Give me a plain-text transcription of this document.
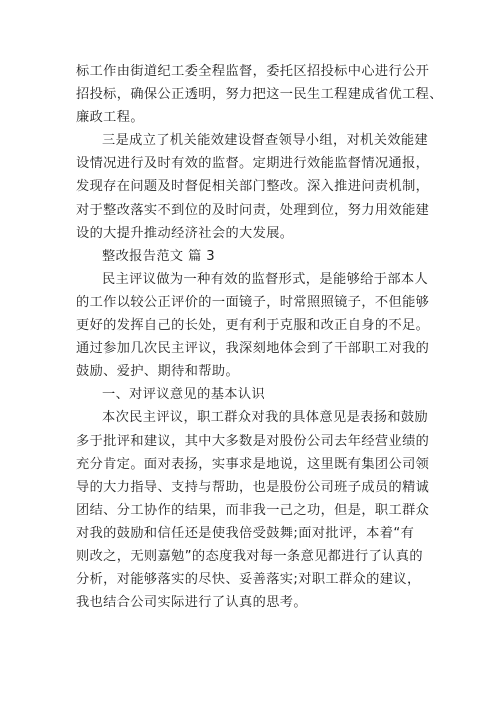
标工作由街道纪工委全程监督，委托区招投标中心进行公开
招投标，确保公正透明，努力把这一民生工程建成省优工程、
廉政工程。
三是成立了机关能效建设督查领导小组，对机关效能建
设情况进行及时有效的监督。定期进行效能监督情况通报，
发现存在问题及时督促相关部门整改。深入推进问责机制，
对于整改落实不到位的及时问责，处理到位，努力用效能建
设的大提升推动经济社会的大发展。
整改报告范文 篇 3
民主评议做为一种有效的监督形式，是能够给于部本人
的工作以较公正评价的一面镜子，时常照照镜子，不但能够
更好的发挥自己的长处，更有利于克服和改正自身的不足。
通过参加几次民主评议，我深刻地体会到了干部职工对我的
鼓励、爱护、期待和帮助。
一、对评议意见的基本认识
本次民主评议，职工群众对我的具体意见是表扬和鼓励
多于批评和建议，其中大多数是对股份公司去年经营业绩的
充分肯定。面对表扬，实事求是地说，这里既有集团公司领
导的大力指导、支持与帮助，也是股份公司班子成员的精诚
团结、分工协作的结果，而非我一己之功，但是，职工群众
对我的鼓励和信任还是使我倍受鼓舞;面对批评，本着“有
则改之，无则嘉勉”的态度我对每一条意见都进行了认真的
分析，对能够落实的尽快、妥善落实;对职工群众的建议，
我也结合公司实际进行了认真的思考。
